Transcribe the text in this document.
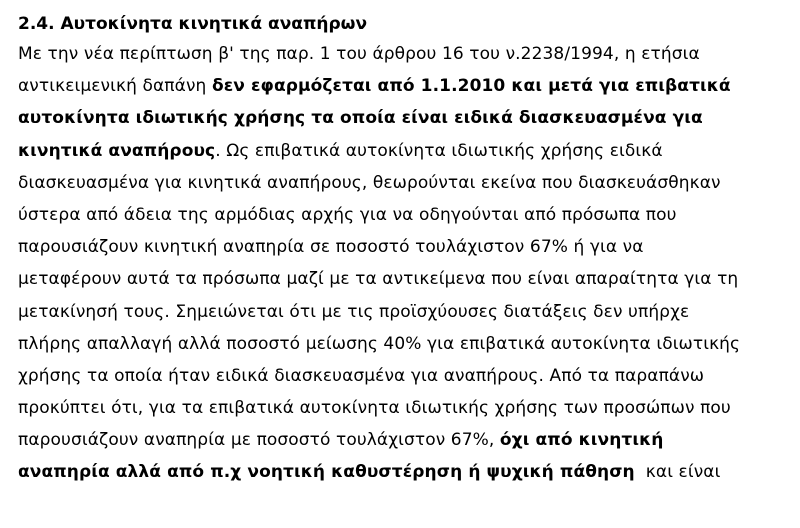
2.4. Αυτοκίνητα κινητικά αναπήρων
Με την νέα περίπτωση β' της παρ. 1 του άρθρου 16 του ν.2238/1994, η ετήσια
αντικειμενική δαπάνη δεν εφαρμόζεται από 1.1.2010 και μετά για επιβατικά
αυτοκίνητα ιδιωτικής χρήσης τα οποία είναι ειδικά διασκευασμένα για
κινητικά αναπήρους. Ως επιβατικά αυτοκίνητα ιδιωτικής χρήσης ειδικά
διασκευασμένα για κινητικά αναπήρους, θεωρούνται εκείνα που διασκευάσθηκαν
ύστερα από άδεια της αρμόδιας αρχής για να οδηγούνται από πρόσωπα που
παρουσιάζουν κινητική αναπηρία σε ποσοστό τουλάχιστον 67% ή για να
μεταφέρουν αυτά τα πρόσωπα μαζί με τα αντικείμενα που είναι απαραίτητα για τη
μετακίνησή τους. Σημειώνεται ότι με τις προϊσχύουσες διατάξεις δεν υπήρχε
πλήρης απαλλαγή αλλά ποσοστό μείωσης 40% για επιβατικά αυτοκίνητα ιδιωτικής
χρήσης τα οποία ήταν ειδικά διασκευασμένα για αναπήρους. Από τα παραπάνω
προκύπτει ότι, για τα επιβατικά αυτοκίνητα ιδιωτικής χρήσης των προσώπων που
παρουσιάζουν αναπηρία με ποσοστό τουλάχιστον 67%, όχι από κινητική
αναπηρία αλλά από π.χ νοητική καθυστέρηση ή ψυχική πάθηση  και είναι
